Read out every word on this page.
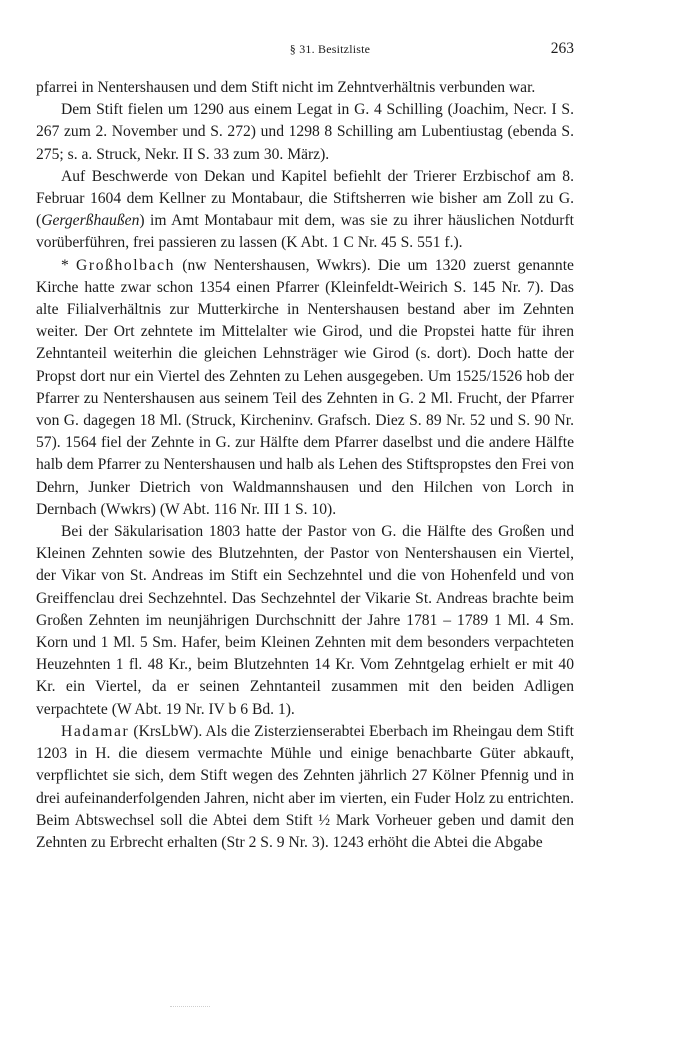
§ 31. Besitzliste	263

pfarrei in Nentershausen und dem Stift nicht im Zehntverhältnis verbunden war.

Dem Stift fielen um 1290 aus einem Legat in G. 4 Schilling (Joachim, Necr. I S. 267 zum 2. November und S. 272) und 1298 8 Schilling am Lubentiustag (ebenda S. 275; s. a. Struck, Nekr. II S. 33 zum 30. März).

Auf Beschwerde von Dekan und Kapitel befiehlt der Trierer Erzbischof am 8. Februar 1604 dem Kellner zu Montabaur, die Stiftsherren wie bisher am Zoll zu G. (Gergerßhaußen) im Amt Montabaur mit dem, was sie zu ihrer häuslichen Notdurft vorüberführen, frei passieren zu lassen (K Abt. 1 C Nr. 45 S. 551 f.).

* Großholbach (nw Nentershausen, Wwkrs). Die um 1320 zuerst genannte Kirche hatte zwar schon 1354 einen Pfarrer (Kleinfeldt-Weirich S. 145 Nr. 7). Das alte Filialverhältnis zur Mutterkirche in Nentershausen bestand aber im Zehnten weiter. Der Ort zehntete im Mittelalter wie Girod, und die Propstei hatte für ihren Zehntanteil weiterhin die gleichen Lehnsträger wie Girod (s. dort). Doch hatte der Propst dort nur ein Viertel des Zehnten zu Lehen ausgegeben. Um 1525/1526 hob der Pfarrer zu Nentershausen aus seinem Teil des Zehnten in G. 2 Ml. Frucht, der Pfarrer von G. dagegen 18 Ml. (Struck, Kircheninv. Grafsch. Diez S. 89 Nr. 52 und S. 90 Nr. 57). 1564 fiel der Zehnte in G. zur Hälfte dem Pfarrer daselbst und die andere Hälfte halb dem Pfarrer zu Nentershausen und halb als Lehen des Stiftspropstes den Frei von Dehrn, Junker Dietrich von Waldmannshausen und den Hilchen von Lorch in Dernbach (Wwkrs) (W Abt. 116 Nr. III 1 S. 10).

Bei der Säkularisation 1803 hatte der Pastor von G. die Hälfte des Großen und Kleinen Zehnten sowie des Blutzehnten, der Pastor von Nentershausen ein Viertel, der Vikar von St. Andreas im Stift ein Sechzehntel und die von Hohenfeld und von Greiffenclau drei Sechzehntel. Das Sechzehntel der Vikarie St. Andreas brachte beim Großen Zehnten im neunjährigen Durchschnitt der Jahre 1781 – 1789 1 Ml. 4 Sm. Korn und 1 Ml. 5 Sm. Hafer, beim Kleinen Zehnten mit dem besonders verpachteten Heuzehnten 1 fl. 48 Kr., beim Blutzehnten 14 Kr. Vom Zehntgelag erhielt er mit 40 Kr. ein Viertel, da er seinen Zehntanteil zusammen mit den beiden Adligen verpachtete (W Abt. 19 Nr. IV b 6 Bd. 1).

Hadamar (KrsLbW). Als die Zisterzienserabtei Eberbach im Rheingau dem Stift 1203 in H. die diesem vermachte Mühle und einige benachbarte Güter abkauft, verpflichtet sie sich, dem Stift wegen des Zehnten jährlich 27 Kölner Pfennig und in drei aufeinanderfolgenden Jahren, nicht aber im vierten, ein Fuder Holz zu entrichten. Beim Abtswechsel soll die Abtei dem Stift ½ Mark Vorheuer geben und damit den Zehnten zu Erbrecht erhalten (Str 2 S. 9 Nr. 3). 1243 erhöht die Abtei die Abgabe
